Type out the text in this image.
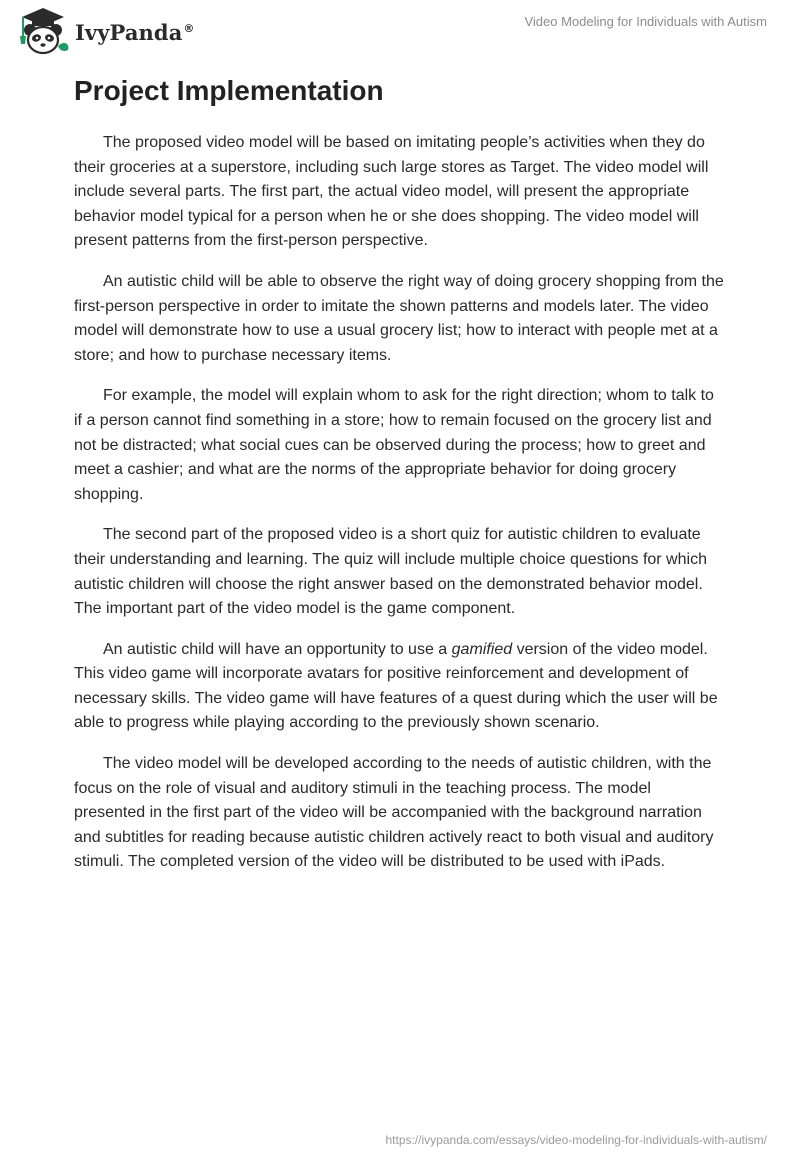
IvyPanda®	Video Modeling for Individuals with Autism
Project Implementation

The proposed video model will be based on imitating people’s activities when they do their groceries at a superstore, including such large stores as Target. The video model will include several parts. The first part, the actual video model, will present the appropriate behavior model typical for a person when he or she does shopping. The video model will present patterns from the first-person perspective.

An autistic child will be able to observe the right way of doing grocery shopping from the first-person perspective in order to imitate the shown patterns and models later. The video model will demonstrate how to use a usual grocery list; how to interact with people met at a store; and how to purchase necessary items.

For example, the model will explain whom to ask for the right direction; whom to talk to if a person cannot find something in a store; how to remain focused on the grocery list and not be distracted; what social cues can be observed during the process; how to greet and meet a cashier; and what are the norms of the appropriate behavior for doing grocery shopping.

The second part of the proposed video is a short quiz for autistic children to evaluate their understanding and learning. The quiz will include multiple choice questions for which autistic children will choose the right answer based on the demonstrated behavior model. The important part of the video model is the game component.

An autistic child will have an opportunity to use a gamified version of the video model. This video game will incorporate avatars for positive reinforcement and development of necessary skills. The video game will have features of a quest during which the user will be able to progress while playing according to the previously shown scenario.

The video model will be developed according to the needs of autistic children, with the focus on the role of visual and auditory stimuli in the teaching process. The model presented in the first part of the video will be accompanied with the background narration and subtitles for reading because autistic children actively react to both visual and auditory stimuli. The completed version of the video will be distributed to be used with iPads.

https://ivypanda.com/essays/video-modeling-for-individuals-with-autism/
